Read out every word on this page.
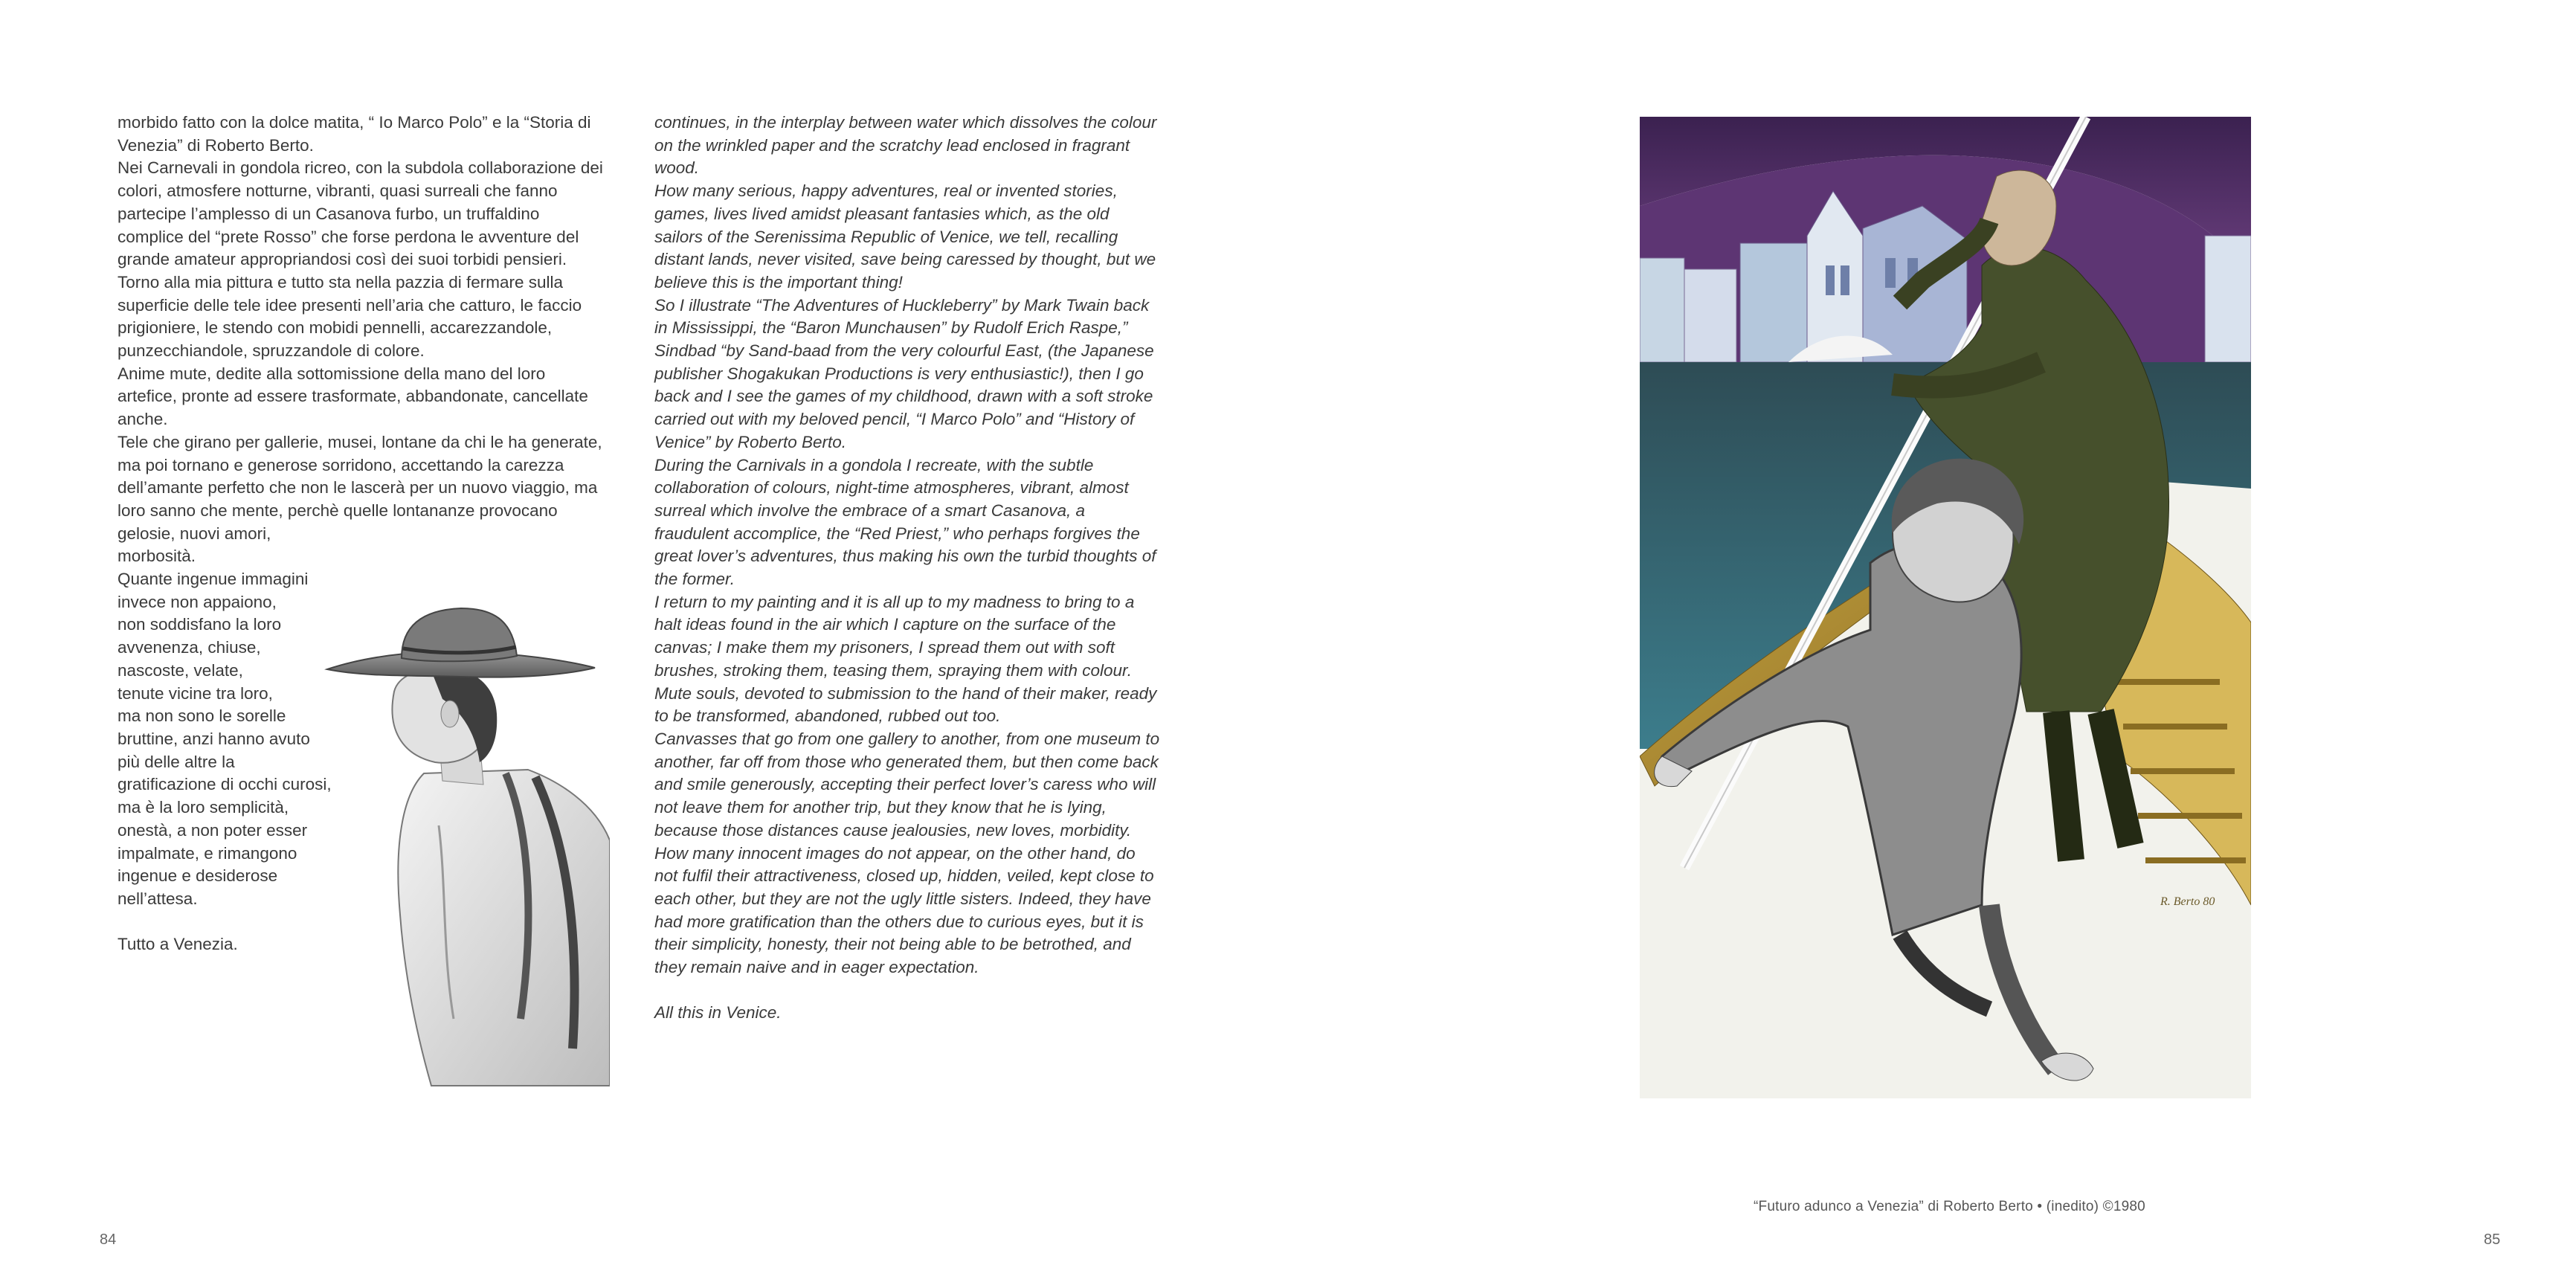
morbido fatto con la dolce matita, “ Io Marco Polo” e la “Storia di Venezia” di Roberto Berto.

Nei Carnevali in gondola ricreo, con la subdola collaborazione dei colori, atmosfere notturne, vibranti, quasi surreali che fanno partecipe l’amplesso di un Casanova furbo, un truffaldino complice del “prete Rosso” che forse perdona le avventure del grande amateur appropriandosi così dei suoi torbidi pensieri.

Torno alla mia pittura e tutto sta nella pazzia di fermare sulla superficie delle tele idee presenti nell’aria che catturo, le faccio prigioniere, le stendo con mobidi pennelli, accarezzandole, punzecchiandole, spruzzandole di colore.

Anime mute, dedite alla sottomissione della mano del loro artefice, pronte ad essere trasformate, abbandonate, cancellate anche.

Tele che girano per gallerie, musei, lontane da chi le ha generate, ma poi tornano e generose sorridono, accettando la carezza dell’amante perfetto che non le lascerà per un nuovo viaggio, ma loro sanno che mente, perchè quelle lontananze provocano gelosie, nuovi amori,

morbosità.

Quante ingenue immagini

invece non appaiono,

non soddisfano la loro

avvenenza, chiuse,

nascoste, velate,

tenute vicine tra loro,

ma non sono le sorelle

bruttine, anzi hanno avuto

più delle altre la

gratificazione di occhi curosi,

ma è la loro semplicità,

onestà, a non poter esser

impalmate, e rimangono

ingenue e desiderose

nell’attesa.

Tutto a Venezia.

continues, in the interplay between water which dissolves the colour on the wrinkled paper and the scratchy lead enclosed in fragrant wood.

How many serious, happy adventures, real or invented stories, games, lives lived amidst pleasant fantasies which, as the old sailors of the Serenissima Republic of Venice, we tell, recalling distant lands, never visited, save being caressed by thought, but we believe this is the important thing!

So I illustrate “The Adventures of Huckleberry” by Mark Twain back in Mississippi, the “Baron Munchausen” by Rudolf Erich Raspe,” Sindbad “by Sand-baad from the very colourful East, (the Japanese publisher Shogakukan Productions is very enthusiastic!), then I go back and I see the games of my childhood, drawn with a soft stroke carried out with my beloved pencil, “I Marco Polo” and “History of Venice” by Roberto Berto.

During the Carnivals in a gondola I recreate, with the subtle collaboration of colours, night-time atmospheres, vibrant, almost surreal which involve the embrace of a smart Casanova, a fraudulent accomplice, the “Red Priest,” who perhaps forgives the great lover’s adventures, thus making his own the turbid thoughts of the former.

I return to my painting and it is all up to my madness to bring to a halt ideas found in the air which I capture on the surface of the canvas; I make them my prisoners, I spread them out with soft brushes, stroking them, teasing them, spraying them with colour.

Mute souls, devoted to submission to the hand of their maker, ready to be transformed, abandoned, rubbed out too.

Canvasses that go from one gallery to another, from one museum to another, far off from those who generated them, but then come back and smile generously, accepting their perfect lover’s caress who will not leave them for another trip, but they know that he is lying, because those distances cause jealousies, new loves, morbidity.

How many innocent images do not appear, on the other hand, do not fulfil their attractiveness, closed up, hidden, veiled, kept close to each other, but they are not the ugly little sisters. Indeed, they have had more gratification than the others due to curious eyes, but it is their simplicity, honesty, their not being able to be betrothed, and they remain naive and in eager expectation.

All this in Venice.

84
“Futuro adunco a Venezia” di Roberto Berto • (inedito) ©1980
85
R. Berto 80
